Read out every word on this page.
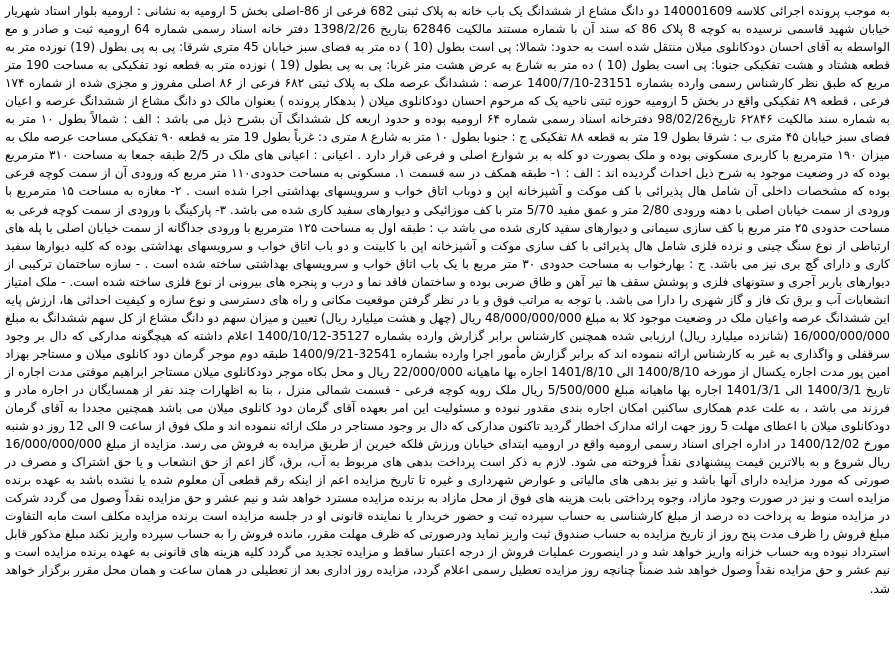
به موجب پرونده اجرائی کلاسه 140001609 دو دانگ مشاع از ششدانگ یک باب خانه به پلاک ثبتی 682 فرعی از 86-اصلی بخش 5 ارومیه به نشانی : ارومیه بلوار استاد شهریار خیابان شهید قاسمی نرسیده به کوچه 8 پلاک 86 که سند آن با شماره مستند مالکیت 62846 بتاریخ 1398/2/26 دفتر خانه اسناد رسمی شماره 64 ارومیه ثبت و صادر و مع الواسطه به آقای احسان دودکانلوی میلان منتقل شده است به حدود: شمالا: پی است بطول (10 ) ده متر به فضای سبز خیابان 45 متری شرقا: پی به پی بطول (19) نوزده متر به قطعه هشتاد و هشت تفکیکی جنوبا: پی است بطول (10 ) ده متر به شارع به عرض هشت متر غربا: پی به پی بطول (19 ) نوزده متر به قطعه نود تفکیکی به مساحت 190 متر مربع که طبق نظر کارشناس رسمی وارده بشماره 23151-1400/7/10 عرصه : ششدانگ عرصه ملک به پلاک ثبتی ۶۸۲ فرعی از ۸۶ اصلی مفروز و مجزی شده از شماره ۱۷۴ فرعی ، قطعه ۸۹ تفکیکی واقع در بخش 5 ارومیه حوزه ثبتی ناحیه یک که مرحوم احسان دودکانلوی میلان ( بدهکار پرونده ) بعنوان مالک دو دانگ مشاع از ششدانگ عرصه و اعیان به شماره سند مالکیت ۶۲۸۴۶ تاریخ98/02/26 دفترخانه اسناد رسمی شماره ۶۴ ارومیه بوده و حدود اربعه کل ششدانگ آن بشرح ذیل می باشد : الف : شمالاً بطول ۱۰ متر به فضای سبز خیابان ۴۵ متری ب : شرقا بطول 19 متر به قطعه ۸۸ تفکیکی ج : جنوبا بطول ۱۰ متر به شارع ۸ متری د: غرباً بطول 19 متر به قطعه ۹۰ تفکیکی مساحت عرصه ملک به میزان ۱۹۰ مترمربع با کاربری مسکونی بوده و ملک بصورت دو کله به بر شوارع اصلی و فرعی قرار دارد . اعیانی : اعیانی های ملک در 2/5 طبقه جمعا به مساحت ۳۱۰ مترمربع بوده که در وضعیت موجود به شرح ذیل احداث گردیده اند : الف : ۱- طبقه همکف در سه قسمت ۱. مسکونی به مساحت حدودی۱۱۰ متر مربع که ورودی آن از سمت کوچه فرعی بوده که مشخصات داخلی آن شامل هال پذیرائی با کف موکت و آشپزخانه اپن و دوباب اتاق خواب و سرویسهای بهداشتی اجرا شده است . ۲- مغازه به مساحت ۱۵ مترمربع با ورودی از سمت خیابان اصلی با دهنه ورودی 2/80 متر و عمق مفید 5/70 متر با کف موزائیکی و دیوارهای سفید کاری شده می باشد. ۳- پارکینگ با ورودی از سمت کوچه فرعی به مساحت حدودی ۲۵ متر مربع با کف سازی سیمانی و دیوارهای سفید کاری شده می باشد ب : طبقه اول به مساحت ۱۲۵ مترمربع با ورودی جداگانه از سمت خیابان اصلی با پله های ارتباطی از نوع سنگ چینی و نرده فلزی شامل هال پذیرائی با کف سازی موکت و آشپزخانه اپن با کابینت و دو باب اتاق خواب و سرویسهای بهداشتی بوده که کلیه دیوارها سفید کاری و دارای گچ بری نیز می باشد. ج : بهارخواب به مساحت حدودی ۳۰ متر مربع با یک باب اتاق خواب و سرویسهای بهداشتی ساخته شده است . - سازه ساختمان ترکیبی از دیوارهای باربر آجری و ستونهای فلزی و پوشش سقف ها تیر آهن و طاق ضربی بوده و ساختمان فاقد نما و درب و پنجره های بیرونی از نوع فلزی ساخته شده است. - ملک امتیاز انشعابات آب و برق تک فاز و گاز شهری را دارا می باشد. با توجه به مراتب فوق و با در نظر گرفتن موقعیت مکانی و راه های دسترسی و نوع سازه و کیفیت احداثی ها، ارزش پایه این ششدانگ عرصه واعیان ملک در وضعیت موجود کلا به مبلغ 48/000/000/000 ریال (چهل و هشت میلیارد ریال) تعیین و میزان سهم دو دانگ مشاع از کل سهم ششدانگ به مبلغ 16/000/000/000 (شانزده میلیارد ریال) ارزیابی شده همچنین کارشناس برابر گزارش وارده بشماره 35127-1400/10/12 اعلام داشته که هیچگونه مدارکی که دال بر وجود سرقفلی و واگذاری به غیر به کارشناس ارائه ننموده اند که برابر گزارش مأمور اجرا وارده بشماره 32541-1400/9/21 طبقه دوم موجر گرمان دود کانلوی میلان و مستاجر بهزاد امین پور مدت اجاره یکسال از مورخه 1400/8/10 الی 1401/8/10 اجاره بها ماهیانه 22/000/000 ریال و محل بکاه موجر دودکانلوی میلان مستاجر ابراهیم موقتی مدت اجاره از تاریخ 1400/3/1 الی 1401/3/1 اجاره بها ماهیانه مبلغ 5/500/000 ریال ملک رویه کوچه فرعی - قسمت شمالی منزل ، بنا به اظهارات چند نفر از همسایگان در اجاره مادر و فرزند می باشد ، به علت عدم همکاری ساکنین امکان اجاره بندی مقدور نبوده و مسئولیت این امر بعهده آقای گرمان دود کانلوی میلان می باشد همچنین مجددا به آقای گرمان دودکانلوی میلان با اعطای مهلت 5 روز جهت ارائه مدارک اخطار گردید تاکنون مدارکی که دال بر وجود مستاجر در ملک ارائه ننموده اند و ملک فوق از ساعت 9 الی 12 روز دو شنبه مورخ 1400/12/02 در اداره اجرای اسناد رسمی ارومیه واقع در ارومیه ابتدای خیابان ورزش فلکه خیرین از طریق مزایده به فروش می رسد. مزایده از مبلغ 16/000/000/000 ریال شروع و به بالاترین قیمت پیشنهادی نقداً فروخته می شود. لازم به ذکر است پرداخت بدهی های مربوط به آب، برق، گاز اعم از حق انشعاب و یا حق اشتراک و مصرف در صورتی که مورد مزایده دارای آنها باشد و نیز بدهی های مالیاتی و عوارض شهرداری و غیره تا تاریخ مزایده اعم از اینکه رقم قطعی آن معلوم شده یا نشده باشد به عهده برنده مزایده است و نیز در صورت وجود مازاد، وجوه پرداختی بابت هزینه های فوق از محل مازاد به برنده مزایده مسترد خواهد شد و نیم عشر و حق مزایده نقداً وصول می گردد شرکت در مزایده منوط به پرداخت ده درصد از مبلغ کارشناسی به حساب سپرده ثبت و حضور خریدار یا نماینده قانونی او در جلسه مزایده است برنده مزایده مکلف است مابه التفاوت مبلغ فروش را ظرف مدت پنج روز از تاریخ مزایده به حساب صندوق ثبت واریز نماید ودرصورتی که ظرف مهلت مقرر، مانده فروش را به حساب سپرده واریز نکند مبلغ مذکور قابل استرداد نبوده وبه حساب خزانه واریز خواهد شد و در اینصورت عملیات فروش از درجه اعتبار ساقط و مزایده تجدید می گردد کلیه هزینه های قانونی به عهده برنده مزایده است و نیم عشر و حق مزایده نقداً وصول خواهد شد ضمناً چنانچه روز مزایده تعطیل رسمی اعلام گردد، مزایده روز اداری بعد از تعطیلی در همان ساعت و همان محل مقرر برگزار خواهد شد.
